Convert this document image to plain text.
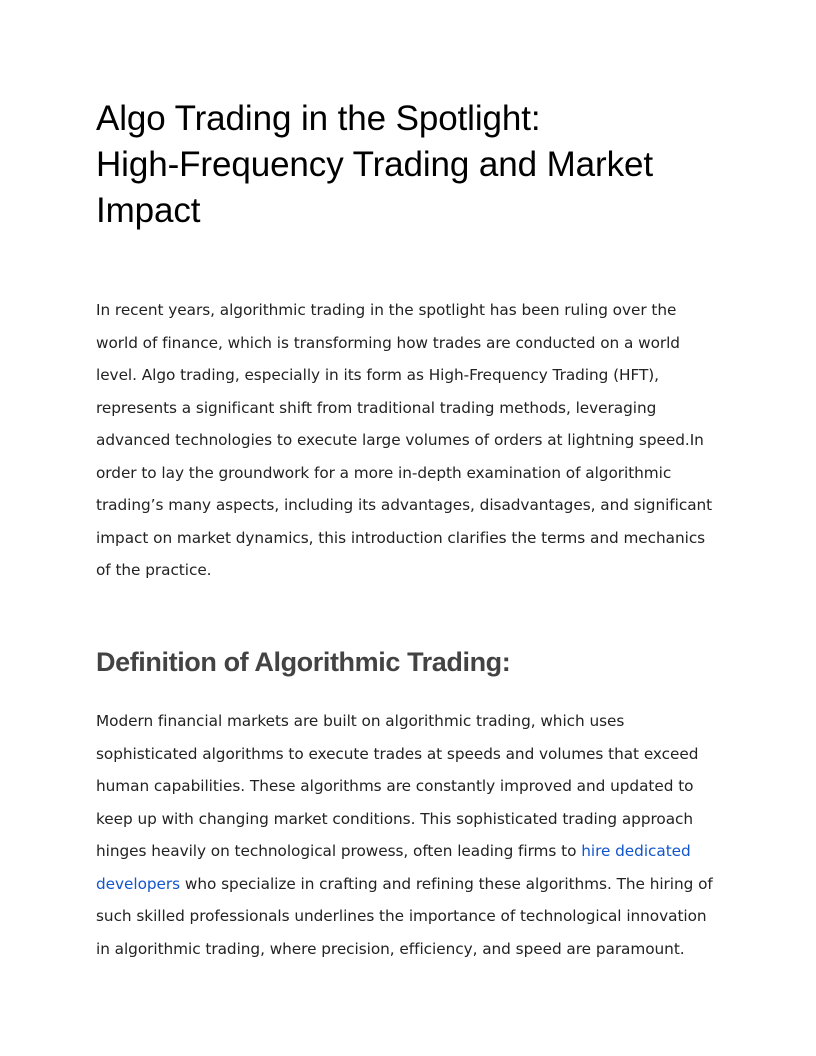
Algo Trading in the Spotlight:
High-Frequency Trading and Market
Impact

In recent years, algorithmic trading in the spotlight has been ruling over the
world of finance, which is transforming how trades are conducted on a world
level. Algo trading, especially in its form as High-Frequency Trading (HFT),
represents a significant shift from traditional trading methods, leveraging
advanced technologies to execute large volumes of orders at lightning speed.In
order to lay the groundwork for a more in-depth examination of algorithmic
trading’s many aspects, including its advantages, disadvantages, and significant
impact on market dynamics, this introduction clarifies the terms and mechanics
of the practice.

Definition of Algorithmic Trading:

Modern financial markets are built on algorithmic trading, which uses
sophisticated algorithms to execute trades at speeds and volumes that exceed
human capabilities. These algorithms are constantly improved and updated to
keep up with changing market conditions. This sophisticated trading approach
hinges heavily on technological prowess, often leading firms to hire dedicated
developers who specialize in crafting and refining these algorithms. The hiring of
such skilled professionals underlines the importance of technological innovation
in algorithmic trading, where precision, efficiency, and speed are paramount.
